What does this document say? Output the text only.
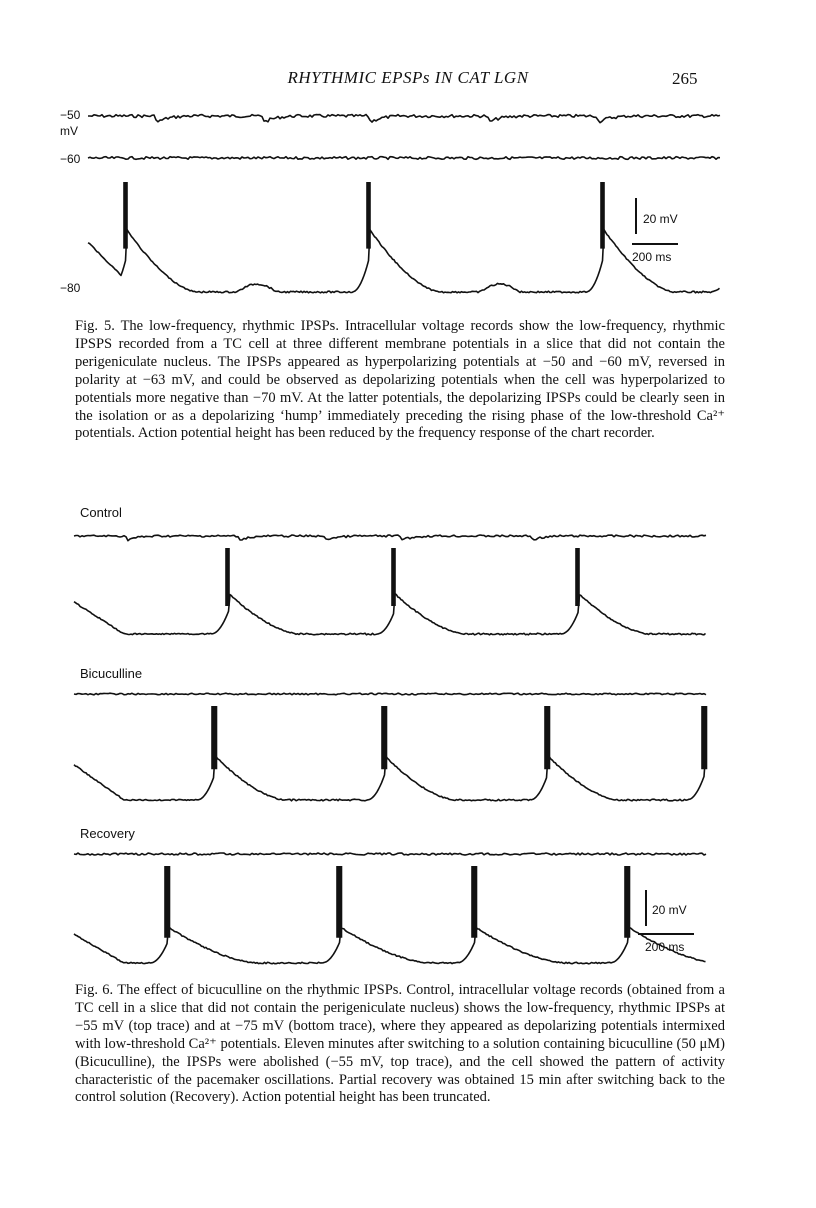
RHYTHMIC EPSPs IN CAT LGN	265
−50
mV
−60
−80
20 mV
200 ms
Fig. 5. The low-frequency, rhythmic IPSPs. Intracellular voltage records show the low-frequency, rhythmic IPSPS recorded from a TC cell at three different membrane potentials in a slice that did not contain the perigeniculate nucleus. The IPSPs appeared as hyperpolarizing potentials at −50 and −60 mV, reversed in polarity at −63 mV, and could be observed as depolarizing potentials when the cell was hyperpolarized to potentials more negative than −70 mV. At the latter potentials, the depolarizing IPSPs could be clearly seen in the isolation or as a depolarizing ‘hump’ immediately preceding the rising phase of the low-threshold Ca²⁺ potentials. Action potential height has been reduced by the frequency response of the chart recorder.
Control
Bicuculline
Recovery
20 mV
200 ms
Fig. 6. The effect of bicuculline on the rhythmic IPSPs. Control, intracellular voltage records (obtained from a TC cell in a slice that did not contain the perigeniculate nucleus) shows the low-frequency, rhythmic IPSPs at −55 mV (top trace) and at −75 mV (bottom trace), where they appeared as depolarizing potentials intermixed with low-threshold Ca²⁺ potentials. Eleven minutes after switching to a solution containing bicuculline (50 μM) (Bicuculline), the IPSPs were abolished (−55 mV, top trace), and the cell showed the pattern of activity characteristic of the pacemaker oscillations. Partial recovery was obtained 15 min after switching back to the control solution (Recovery). Action potential height has been truncated.
